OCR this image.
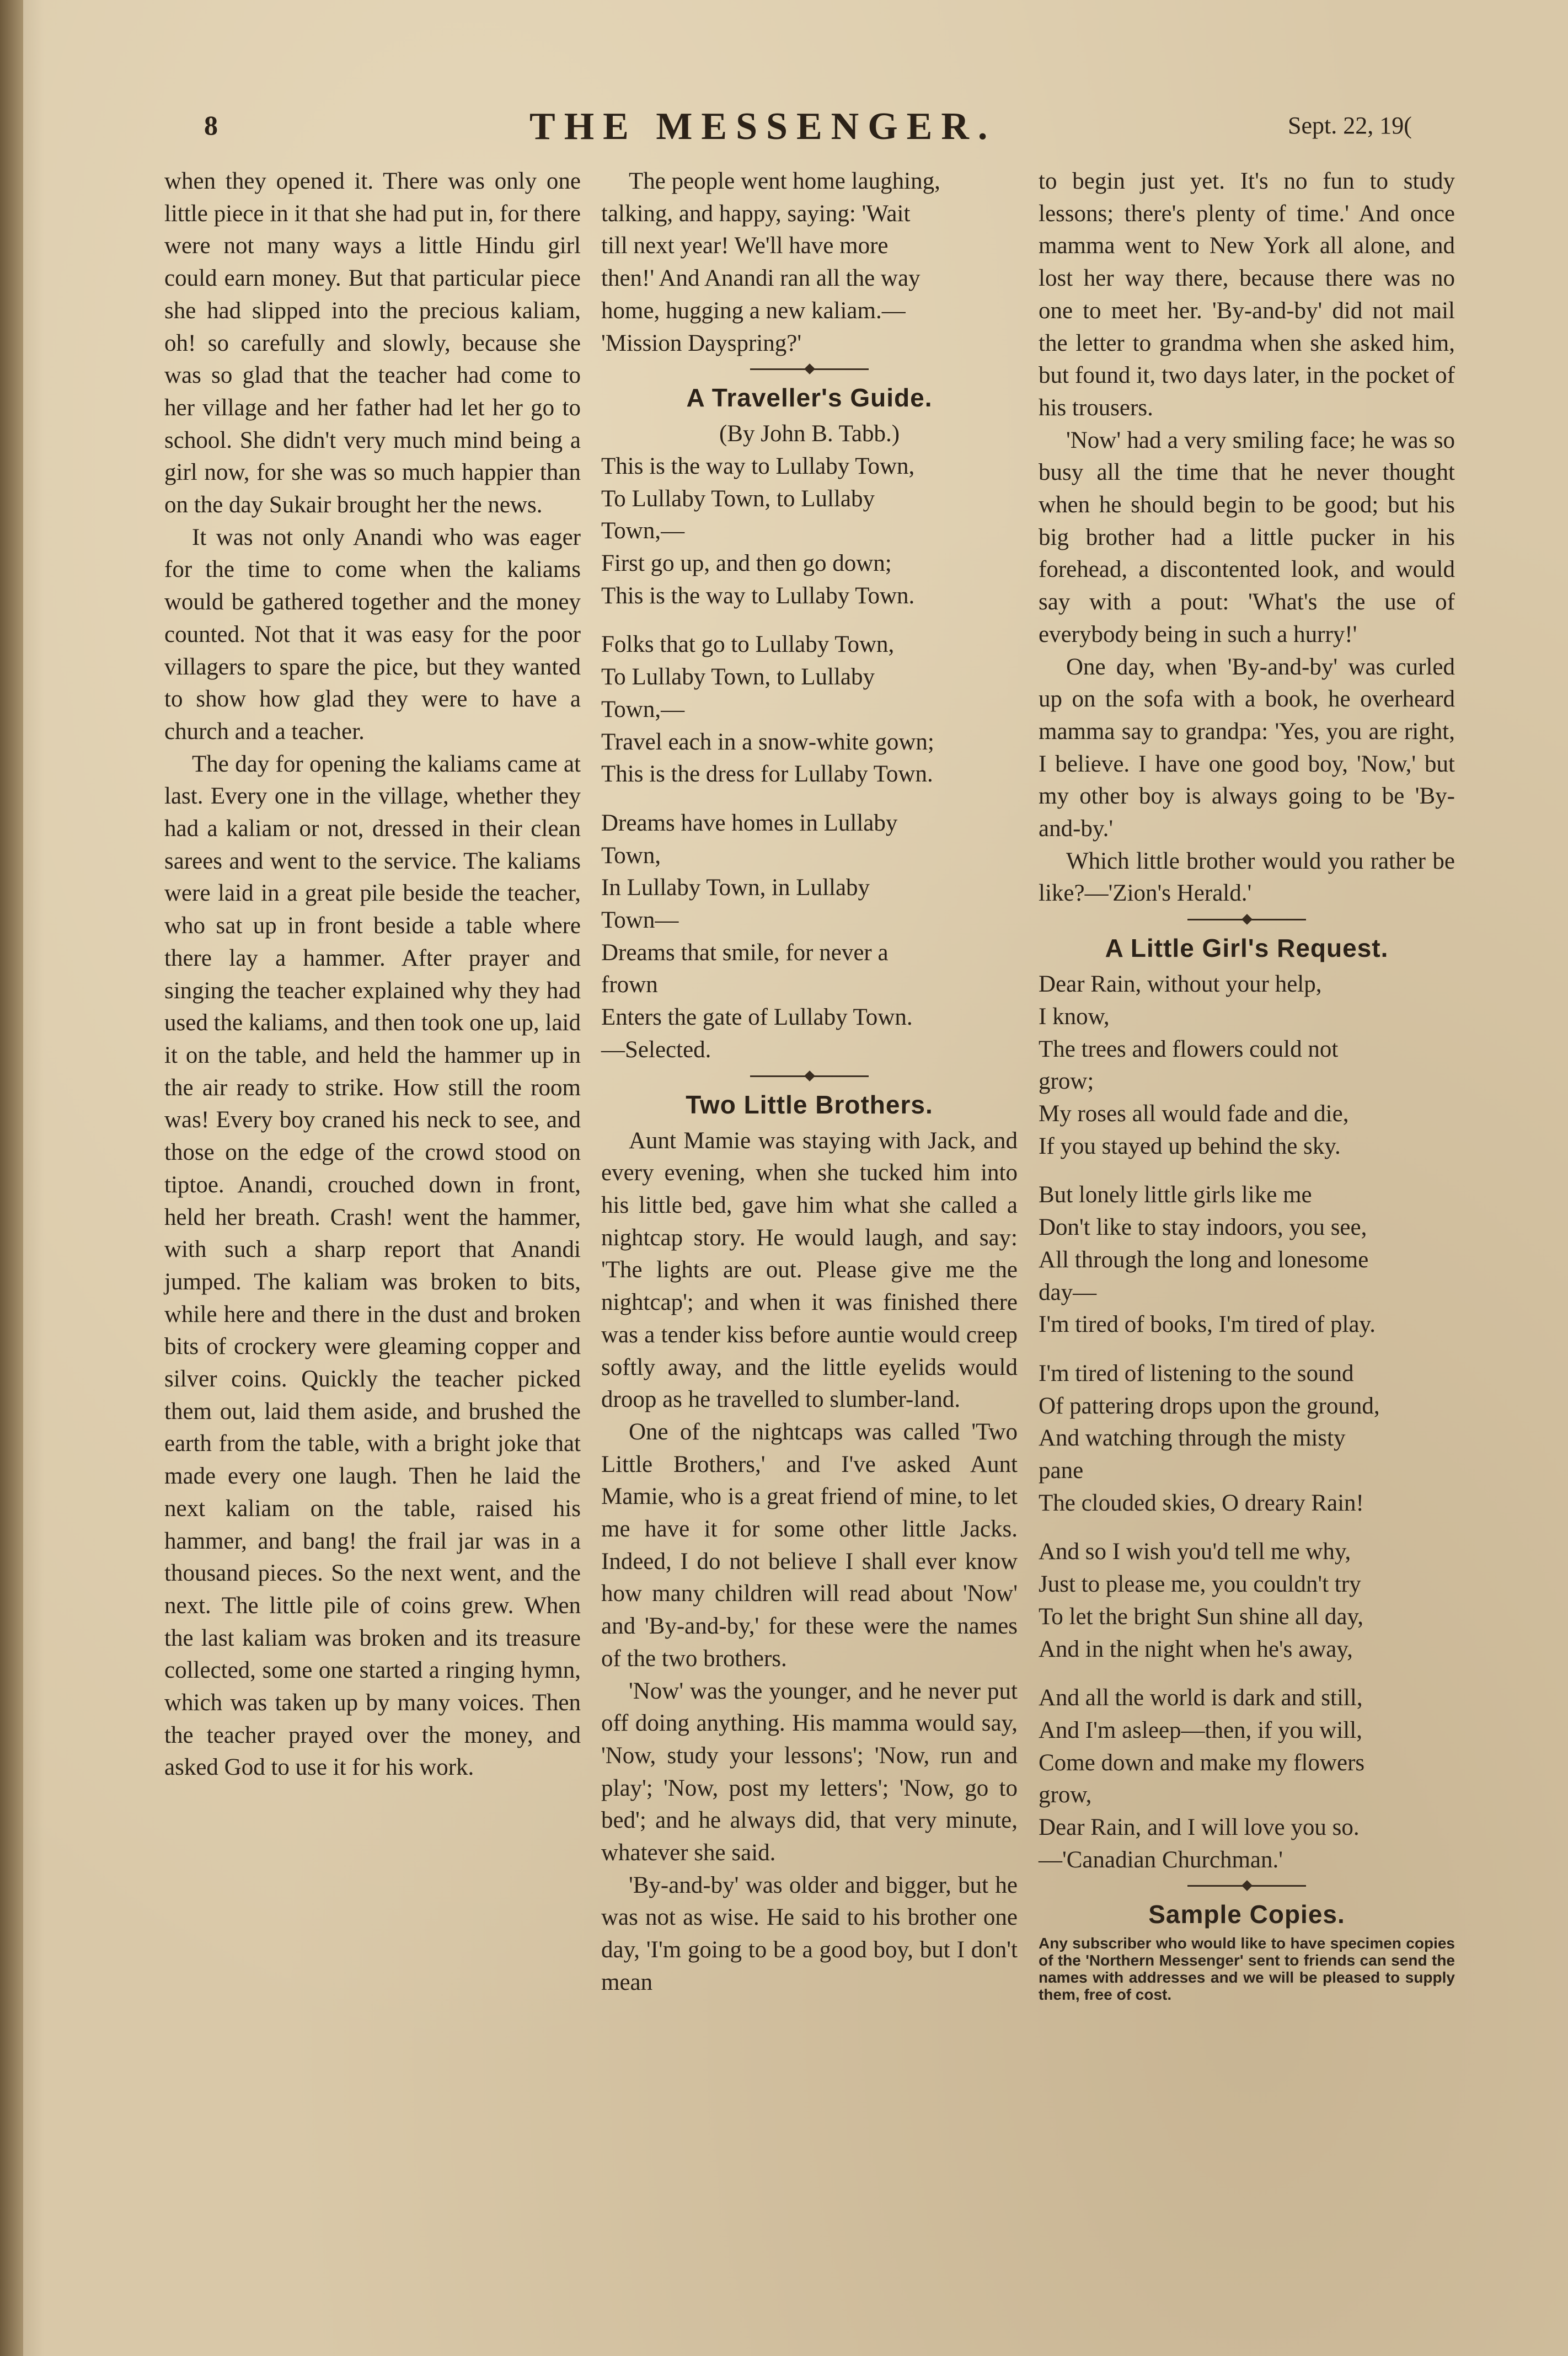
8	THE MESSENGER.	Sept. 22, 19(

when they opened it. There was only one little piece in it that she had put in, for there were not many ways a little Hindu girl could earn money. But that particular piece she had slipped into the precious kaliam, oh! so carefully and slowly, because she was so glad that the teacher had come to her village and her father had let her go to school. She didn't very much mind being a girl now, for she was so much happier than on the day Sukair brought her the news.

It was not only Anandi who was eager for the time to come when the kaliams would be gathered together and the money counted. Not that it was easy for the poor villagers to spare the pice, but they wanted to show how glad they were to have a church and a teacher.

The day for opening the kaliams came at last. Every one in the village, whether they had a kaliam or not, dressed in their clean sarees and went to the service. The kaliams were laid in a great pile beside the teacher, who sat up in front beside a table where there lay a hammer. After prayer and singing the teacher explained why they had used the kaliams, and then took one up, laid it on the table, and held the hammer up in the air ready to strike. How still the room was! Every boy craned his neck to see, and those on the edge of the crowd stood on tiptoe. Anandi, crouched down in front, held her breath. Crash! went the hammer, with such a sharp report that Anandi jumped. The kaliam was broken to bits, while here and there in the dust and broken bits of crockery were gleaming copper and silver coins. Quickly the teacher picked them out, laid them aside, and brushed the earth from the table, with a bright joke that made every one laugh. Then he laid the next kaliam on the table, raised his hammer, and bang! the frail jar was in a thousand pieces. So the next went, and the next. The little pile of coins grew. When the last kaliam was broken and its treasure collected, some one started a ringing hymn, which was taken up by many voices. Then the teacher prayed over the money, and asked God to use it for his work.

The people went home laughing,
talking, and happy, saying: 'Wait
till next year! We'll have more
then!' And Anandi ran all the way
home, hugging a new kaliam.—
'Mission Dayspring?'
A Traveller's Guide.

(By John B. Tabb.)

This is the way to Lullaby Town,
To Lullaby Town, to Lullaby
Town,—
First go up, and then go down;
This is the way to Lullaby Town.
Folks that go to Lullaby Town,
To Lullaby Town, to Lullaby
Town,—
Travel each in a snow-white gown;
This is the dress for Lullaby Town.
Dreams have homes in Lullaby
Town,
In Lullaby Town, in Lullaby
Town—
Dreams that smile, for never a
frown
Enters the gate of Lullaby Town.
—Selected.
Two Little Brothers.

Aunt Mamie was staying with Jack, and every evening, when she tucked him into his little bed, gave him what she called a nightcap story. He would laugh, and say: 'The lights are out. Please give me the nightcap'; and when it was finished there was a tender kiss before auntie would creep softly away, and the little eyelids would droop as he travelled to slumber-land.

One of the nightcaps was called 'Two Little Brothers,' and I've asked Aunt Mamie, who is a great friend of mine, to let me have it for some other little Jacks. Indeed, I do not believe I shall ever know how many children will read about 'Now' and 'By-and-by,' for these were the names of the two brothers.

'Now' was the younger, and he never put off doing anything. His mamma would say, 'Now, study your lessons'; 'Now, run and play'; 'Now, post my letters'; 'Now, go to bed'; and he always did, that very minute, whatever she said.

'By-and-by' was older and bigger, but he was not as wise. He said to his brother one day, 'I'm going to be a good boy, but I don't mean

to begin just yet. It's no fun to study lessons; there's plenty of time.' And once mamma went to New York all alone, and lost her way there, because there was no one to meet her. 'By-and-by' did not mail the letter to grandma when she asked him, but found it, two days later, in the pocket of his trousers.

'Now' had a very smiling face; he was so busy all the time that he never thought when he should begin to be good; but his big brother had a little pucker in his forehead, a discontented look, and would say with a pout: 'What's the use of everybody being in such a hurry!'

One day, when 'By-and-by' was curled up on the sofa with a book, he overheard mamma say to grandpa: 'Yes, you are right, I believe. I have one good boy, 'Now,' but my other boy is always going to be 'By-and-by.'

Which little brother would you rather be like?—'Zion's Herald.'

A Little Girl's Request.
Dear Rain, without your help,
I know,
The trees and flowers could not
grow;
My roses all would fade and die,
If you stayed up behind the sky.
But lonely little girls like me
Don't like to stay indoors, you see,
All through the long and lonesome
day—
I'm tired of books, I'm tired of play.
I'm tired of listening to the sound
Of pattering drops upon the ground,
And watching through the misty
pane
The clouded skies, O dreary Rain!
And so I wish you'd tell me why,
Just to please me, you couldn't try
To let the bright Sun shine all day,
And in the night when he's away,
And all the world is dark and still,
And I'm asleep—then, if you will,
Come down and make my flowers
grow,
Dear Rain, and I will love you so.
—'Canadian Churchman.'
Sample Copies.

Any subscriber who would like to have specimen copies of the 'Northern Messenger' sent to friends can send the names with addresses and we will be pleased to supply them, free of cost.
